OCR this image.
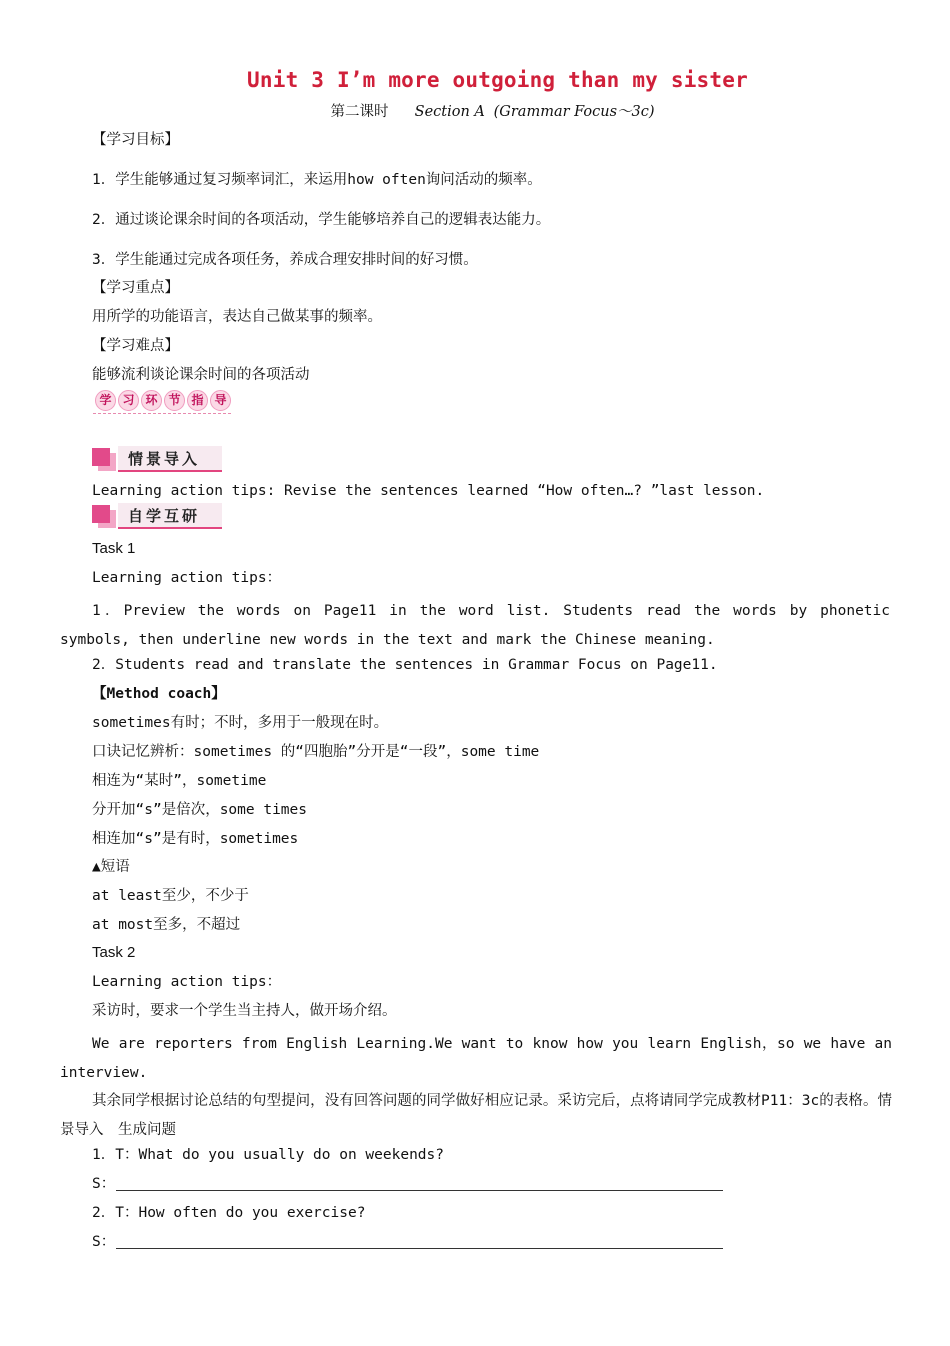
Unit 3 I’m more outgoing than my sister
第二课时 Section A (Grammar Focus～3c)
【学习目标】
1．学生能够通过复习频率词汇，来运用how often询问活动的频率。
2．通过谈论课余时间的各项活动，学生能够培养自己的逻辑表达能力。
3．学生能通过完成各项任务，养成合理安排时间的好习惯。
【学习重点】
用所学的功能语言，表达自己做某事的频率。
【学习难点】
能够流利谈论课余时间的各项活动
学 习 环 节 指 导
情景导入
Learning action tips: Revise the sentences learned “How often…? ”last lesson.
自学互研
Task 1
Learning action tips：
1．Preview the words on Page11 in the word list. Students read the words by phonetic symbols, then underline new words in the text and mark the Chinese meaning.
2．Students read and translate the sentences in Grammar Focus on Page11.
【Method coach】
sometimes有时；不时，多用于一般现在时。
口诀记忆辨析：sometimes 的“四胞胎”分开是“一段”，some time
相连为“某时”，sometime
分开加“s”是倍次，some times
相连加“s”是有时，sometimes
▲短语
at least至少，不少于
at most至多，不超过
Task 2
Learning action tips：
采访时，要求一个学生当主持人，做开场介绍。
We are reporters from English Learning.We want to know how you learn English，so we have an interview.
其余同学根据讨论总结的句型提问，没有回答问题的同学做好相应记录。采访完后，点将请同学完成教材P11：3c的表格。情景导入　生成问题
1．T：What do you usually do on weekends?
S：
2．T：How often do you exercise?
S：
